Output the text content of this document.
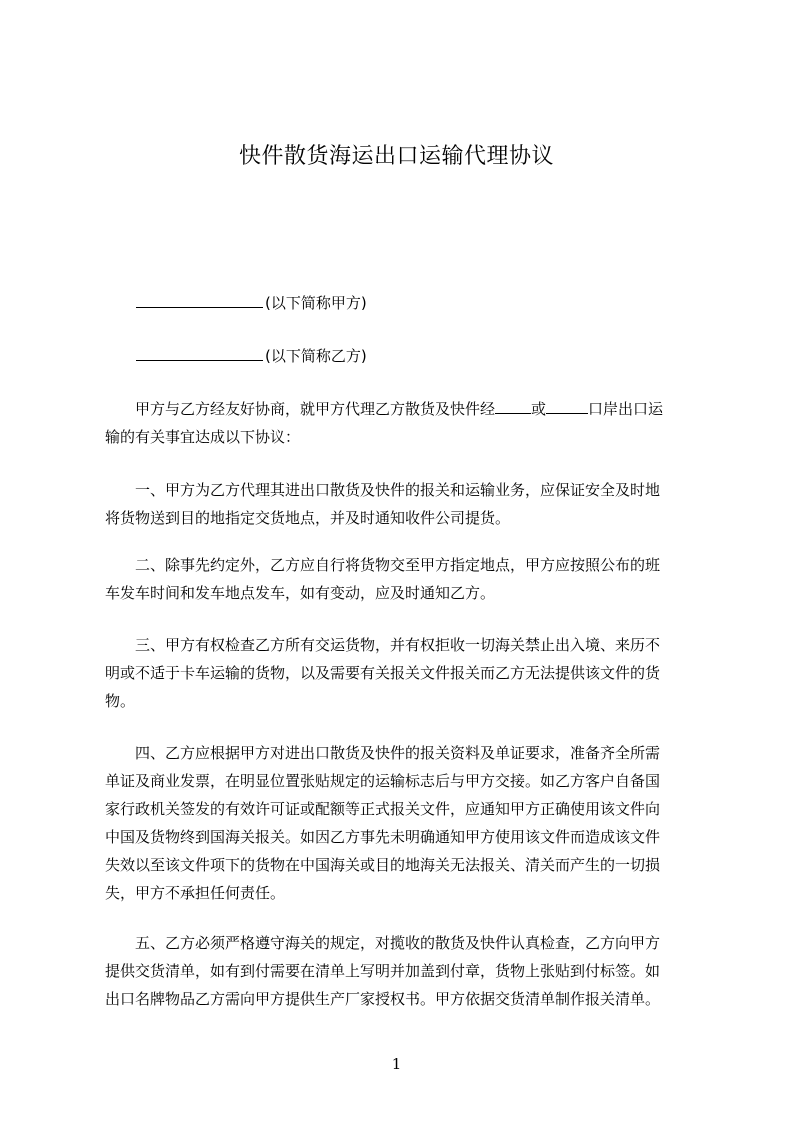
快件散货海运出口运输代理协议
(以下简称甲方)
(以下简称乙方)
　　甲方与乙方经友好协商，就甲方代理乙方散货及快件经 或	口岸出口运
输的有关事宜达成以下协议：
　　一、甲方为乙方代理其进出口散货及快件的报关和运输业务，应保证安全及时地
将货物送到目的地指定交货地点，并及时通知收件公司提货。
　　二、除事先约定外，乙方应自行将货物交至甲方指定地点，甲方应按照公布的班
车发车时间和发车地点发车，如有变动，应及时通知乙方。
　　三、甲方有权检查乙方所有交运货物，并有权拒收一切海关禁止出入境、来历不
明或不适于卡车运输的货物，以及需要有关报关文件报关而乙方无法提供该文件的货
物。
　　四、乙方应根据甲方对进出口散货及快件的报关资料及单证要求，准备齐全所需
单证及商业发票，在明显位置张贴规定的运输标志后与甲方交接。如乙方客户自备国
家行政机关签发的有效许可证或配额等正式报关文件，应通知甲方正确使用该文件向
中国及货物终到国海关报关。如因乙方事先未明确通知甲方使用该文件而造成该文件
失效以至该文件项下的货物在中国海关或目的地海关无法报关、清关而产生的一切损
失，甲方不承担任何责任。
　　五、乙方必须严格遵守海关的规定，对揽收的散货及快件认真检查，乙方向甲方
提供交货清单，如有到付需要在清单上写明并加盖到付章，货物上张贴到付标签。如
出口名牌物品乙方需向甲方提供生产厂家授权书。甲方依据交货清单制作报关清单。
1
